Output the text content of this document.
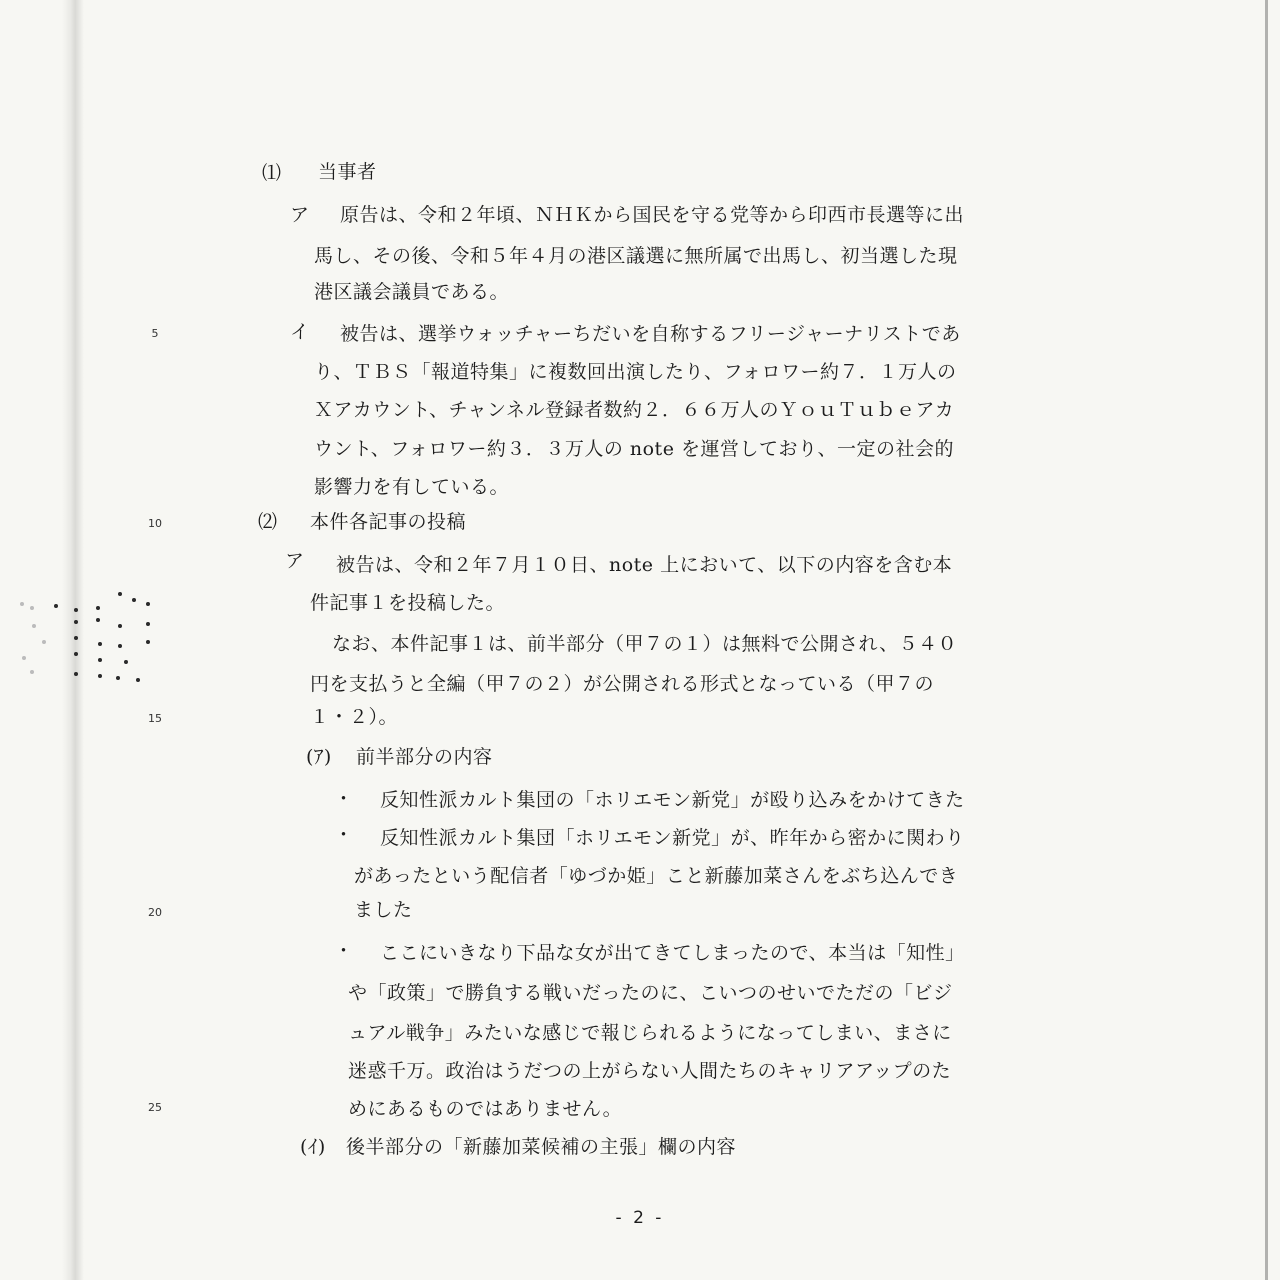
5
10
15
20
25
⑴ 当事者
ア 原告は、令和２年頃、ＮＨＫから国民を守る党等から印西市長選等に出
馬し、その後、令和５年４月の港区議選に無所属で出馬し、初当選した現
港区議会議員である。
イ 被告は、選挙ウォッチャーちだいを自称するフリージャーナリストであ
り、ＴＢＳ「報道特集」に複数回出演したり、フォロワー約７．１万人の
Ｘアカウント、チャンネル登録者数約２．６６万人のＹｏｕＴｕｂｅアカ
ウント、フォロワー約３．３万人の note を運営しており、一定の社会的
影響力を有している。
⑵ 本件各記事の投稿
ア 被告は、令和２年７月１０日、note 上において、以下の内容を含む本
件記事１を投稿した。
なお、本件記事１は、前半部分（甲７の１）は無料で公開され、５４０
円を支払うと全編（甲７の２）が公開される形式となっている（甲７の
１・２）。
(ｱ) 前半部分の内容
・ 反知性派カルト集団の「ホリエモン新党」が殴り込みをかけてきた
・ 反知性派カルト集団「ホリエモン新党」が、昨年から密かに関わり
があったという配信者「ゆづか姫」こと新藤加菜さんをぶち込んでき
ました
・ ここにいきなり下品な女が出てきてしまったので、本当は「知性」
や「政策」で勝負する戦いだったのに、こいつのせいでただの「ビジ
ュアル戦争」みたいな感じで報じられるようになってしまい、まさに
迷惑千万。政治はうだつの上がらない人間たちのキャリアアップのた
めにあるものではありません。
(ｲ) 後半部分の「新藤加菜候補の主張」欄の内容
- 2 -
